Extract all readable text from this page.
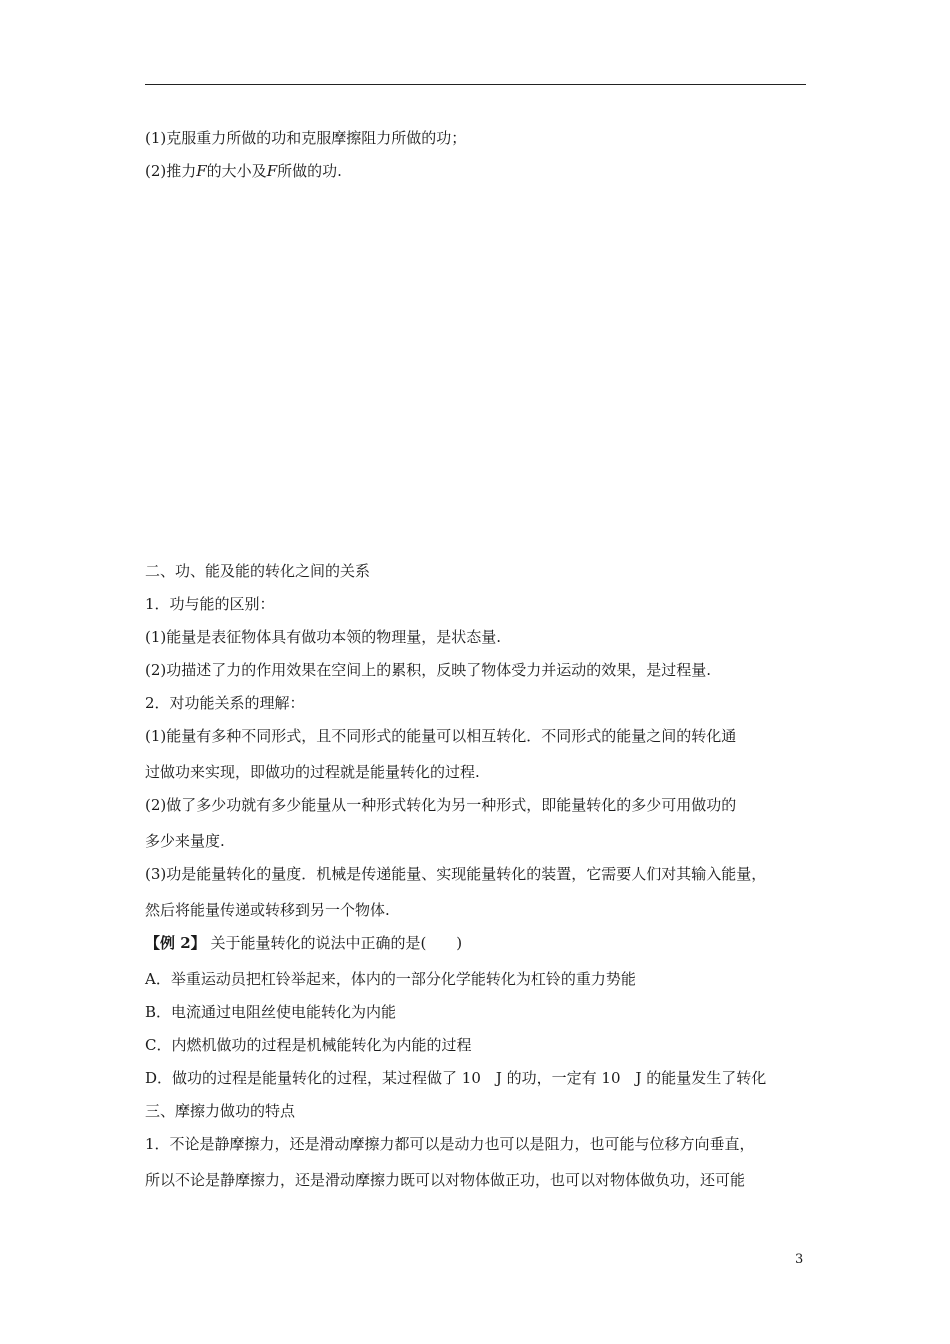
(1)克服重力所做的功和克服摩擦阻力所做的功；
(2)推力F的大小及F所做的功.
二、功、能及能的转化之间的关系
1．功与能的区别：
(1)能量是表征物体具有做功本领的物理量，是状态量.
(2)功描述了力的作用效果在空间上的累积，反映了物体受力并运动的效果，是过程量.
2．对功能关系的理解：
(1)能量有多种不同形式，且不同形式的能量可以相互转化．不同形式的能量之间的转化通
过做功来实现，即做功的过程就是能量转化的过程.
(2)做了多少功就有多少能量从一种形式转化为另一种形式，即能量转化的多少可用做功的
多少来量度.
(3)功是能量转化的量度．机械是传递能量、实现能量转化的装置，它需要人们对其输入能量，
然后将能量传递或转移到另一个物体.
【例 2】 关于能量转化的说法中正确的是(　　)
A．举重运动员把杠铃举起来，体内的一部分化学能转化为杠铃的重力势能
B．电流通过电阻丝使电能转化为内能
C．内燃机做功的过程是机械能转化为内能的过程
D．做功的过程是能量转化的过程，某过程做了 10　J 的功，一定有 10　J 的能量发生了转化
三、摩擦力做功的特点
1．不论是静摩擦力，还是滑动摩擦力都可以是动力也可以是阻力，也可能与位移方向垂直，
所以不论是静摩擦力，还是滑动摩擦力既可以对物体做正功，也可以对物体做负功，还可能
3
